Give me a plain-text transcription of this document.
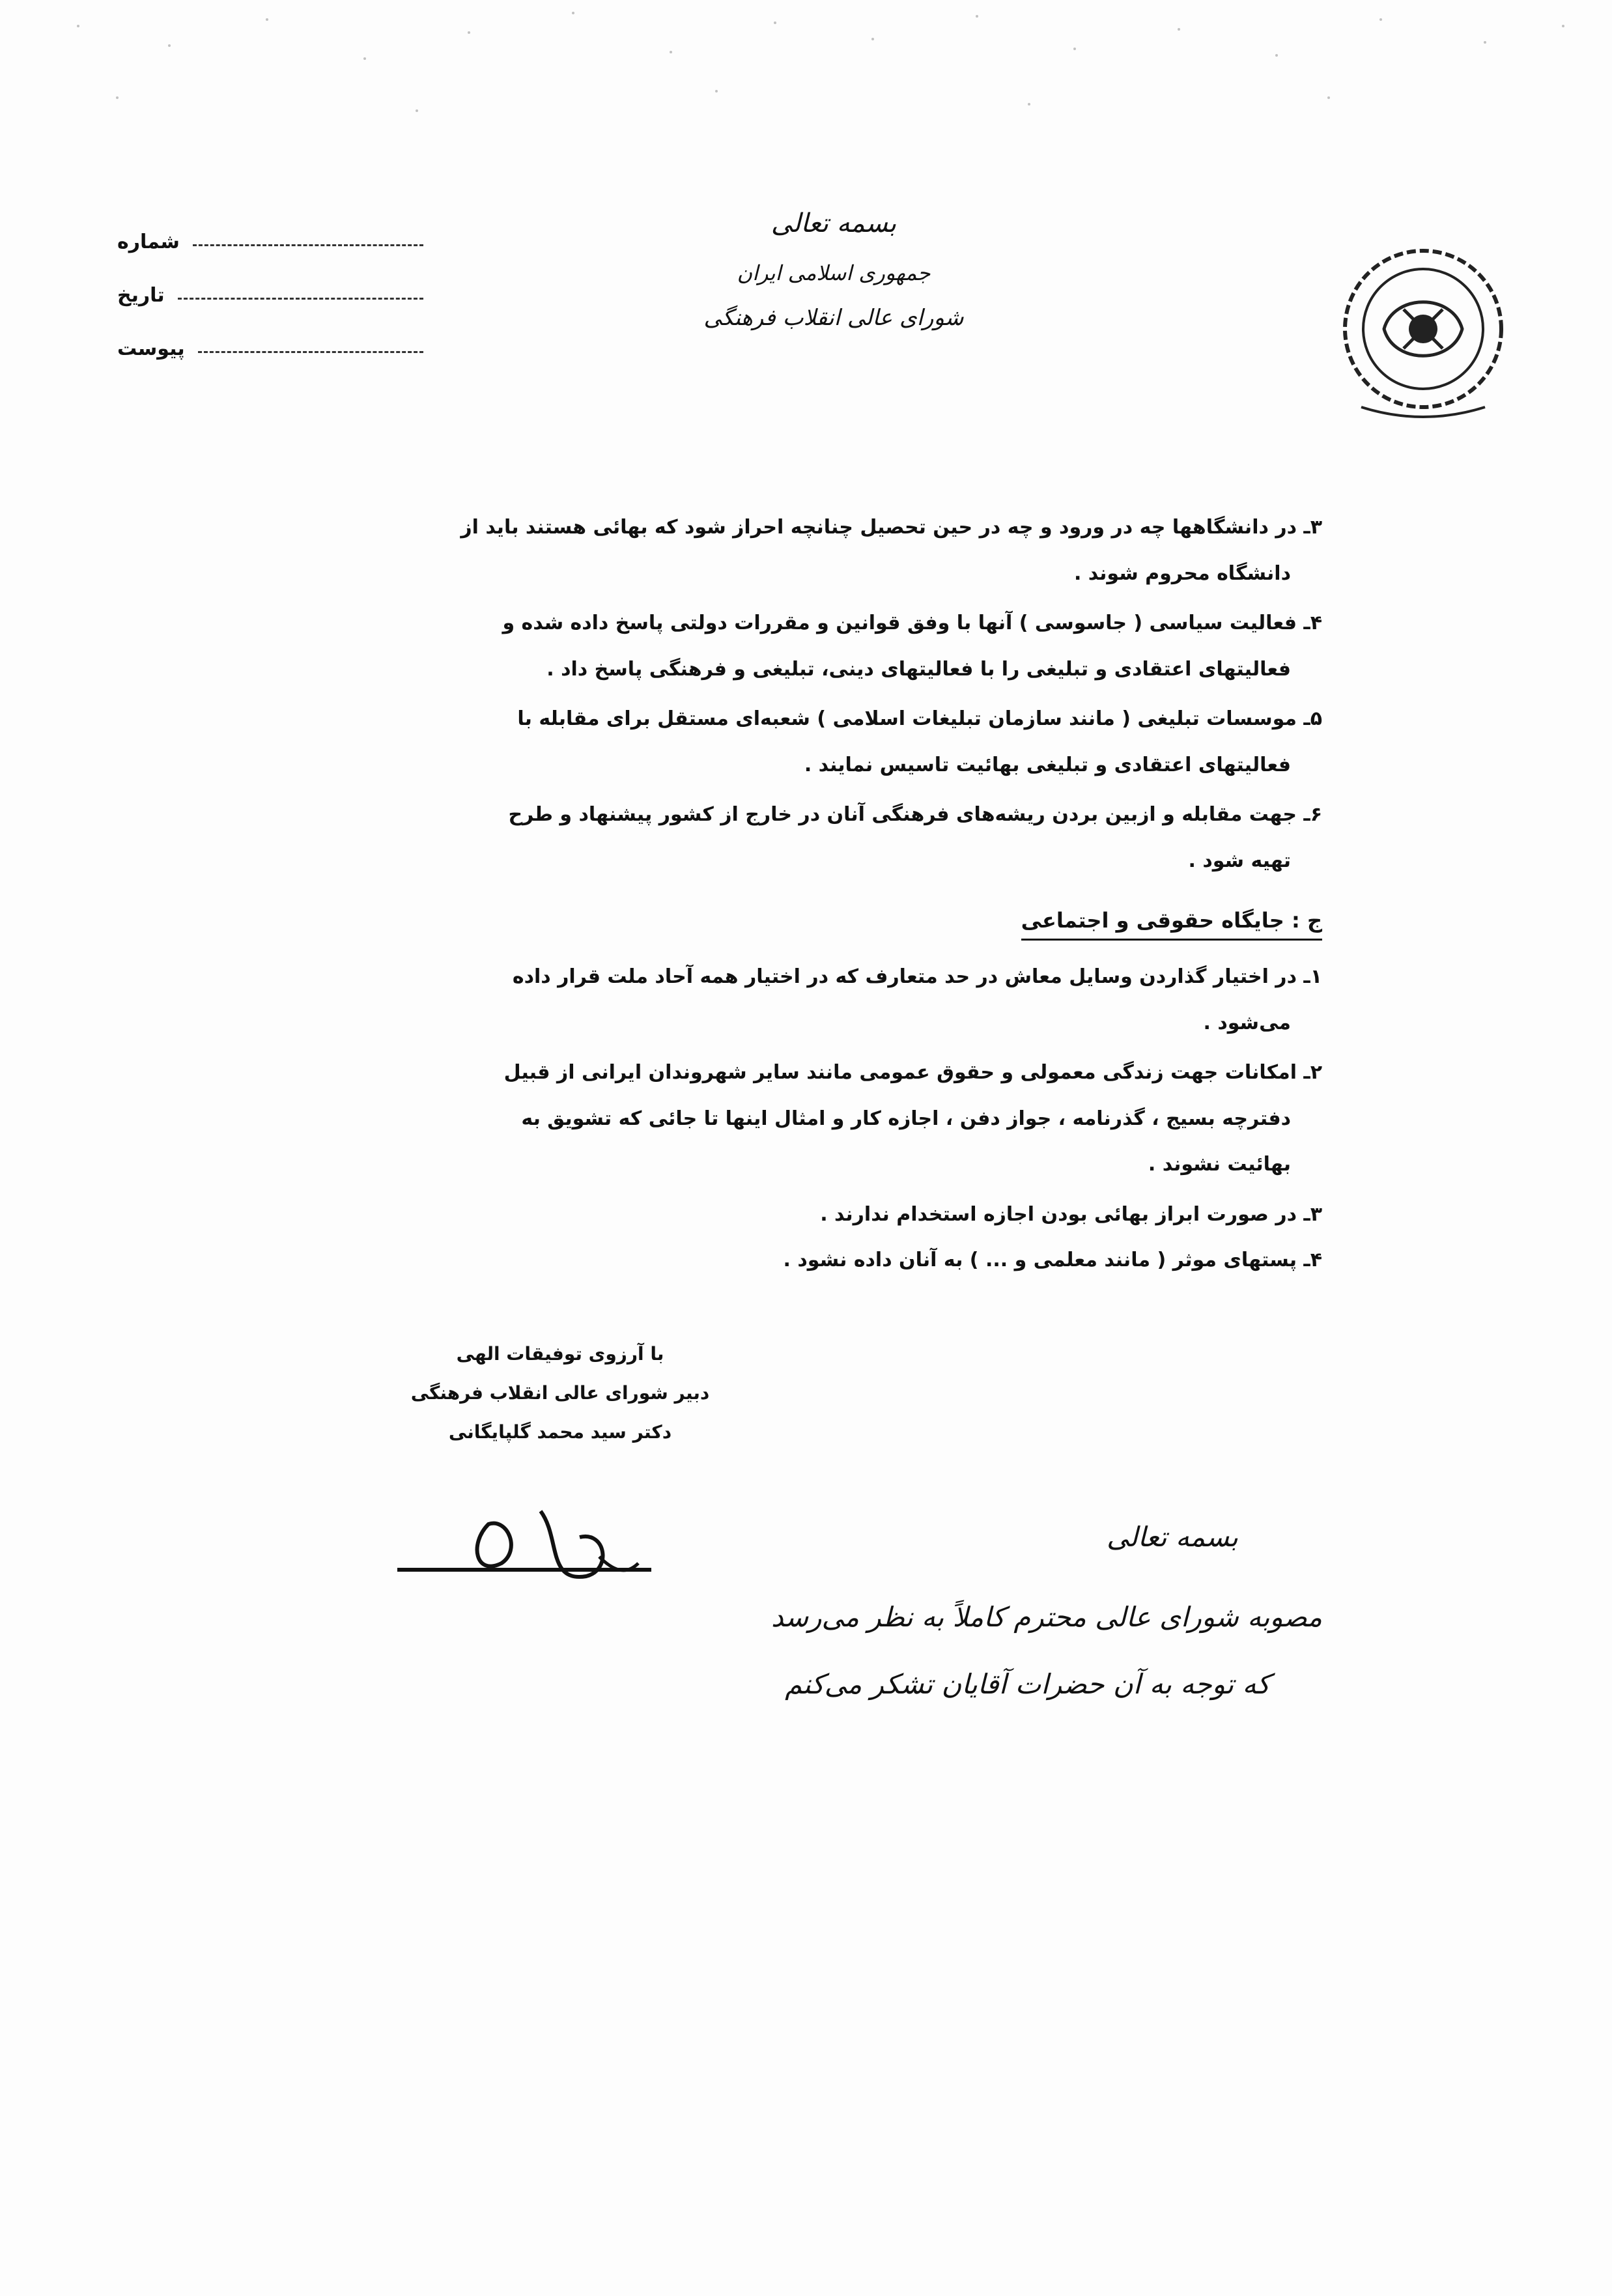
شماره
تاریخ
پیوست
بسمه تعالی
جمهوری اسلامی ایران
شورای عالی انقلاب فرهنگی
۳ـ در دانشگاهها چه در ورود و چه در حین تحصیل چنانچه احراز شود که بهائی هستند باید از
دانشگاه محروم شوند .
۴ـ فعالیت سیاسی ( جاسوسی ) آنها با وفق قوانین و مقررات دولتی پاسخ داده شده و
فعالیتهای اعتقادی و تبلیغی را با فعالیتهای دینی، تبلیغی و فرهنگی پاسخ داد .
۵ـ موسسات تبلیغی ( مانند سازمان تبلیغات اسلامی ) شعبه‌ای مستقل برای مقابله با
فعالیتهای اعتقادی و تبلیغی بهائیت تاسیس نمایند .
۶ـ جهت مقابله و ازبین بردن ریشه‌های فرهنگی آنان در خارج از کشور پیشنهاد و طرح
تهیه شود .
ج : جایگاه حقوقی و اجتماعی
۱ـ در اختیار گذاردن وسایل معاش در حد متعارف که در اختیار همه آحاد ملت قرار داده
می‌شود .
۲ـ امکانات جهت زندگی معمولی و حقوق عمومی مانند سایر شهروندان ایرانی از قبیل
دفترچه بسیج ، گذرنامه ، جواز دفن ، اجازه کار و امثال اینها تا جائی که تشویق به
بهائیت نشوند .
۳ـ در صورت ابراز بهائی بودن اجازه استخدام ندارند .
۴ـ پستهای موثر ( مانند معلمی و ... ) به آنان داده نشود .
با آرزوی توفیقات الهی
دبیر شورای عالی انقلاب فرهنگی
دکتر سید محمد گلپایگانی
بسمه تعالی
مصوبه شورای عالی محترم کاملاً به نظر می‌رسد
که توجه به آن حضرات آقایان تشکر می‌کنم
